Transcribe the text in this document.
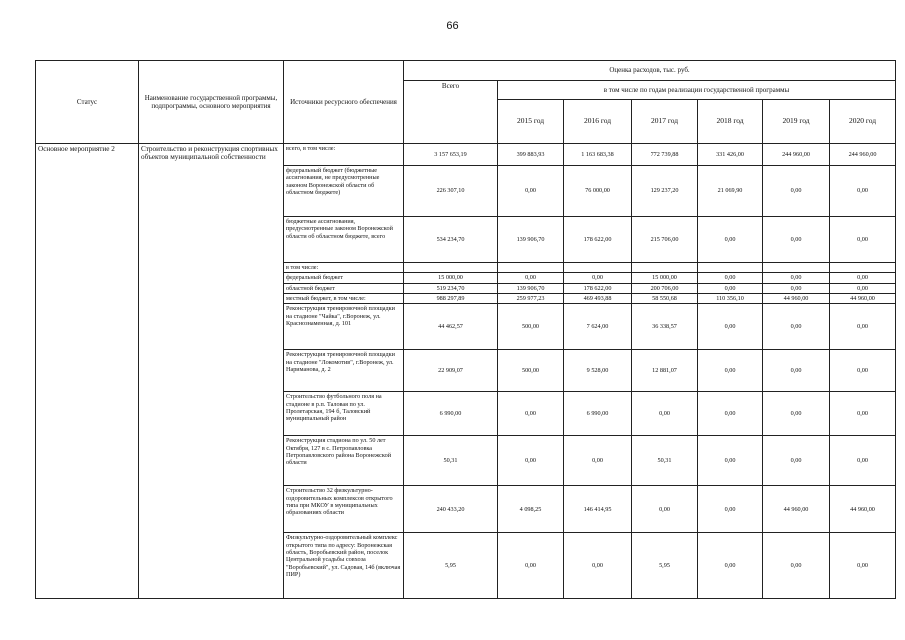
66
Статус	Наименование государственной программы, подпрограммы, основного мероприятия	Источники ресурсного обеспечения	Оценка расходов, тыс. руб.						
			Всего	в том числе по годам реализации государственной программы					
				2015 год	2016 год	2017 год	2018 год	2019 год	2020 год
Основное мероприятие 2	Строительство и реконструкция спортивных объектов муниципальной собственности	всего, в том числе:	3 157 653,19	399 883,93	1 163 683,38	772 739,88	331 426,00	244 960,00	244 960,00
		федеральный бюджет (бюджетные ассигнования, не предусмотренные законом Воронежской области об областном бюджете)	226 307,10	0,00	76 000,00	129 237,20	21 069,90	0,00	0,00
		бюджетные ассигнования, предусмотренные законом Воронежской области об областном бюджете, всего	534 234,70	139 906,70	178 622,00	215 706,00	0,00	0,00	0,00
		в том числе:							
		федеральный бюджет	15 000,00	0,00	0,00	15 000,00	0,00	0,00	0,00
		областной бюджет	519 234,70	139 906,70	178 622,00	200 706,00	0,00	0,00	0,00
		местный бюджет, в том числе:	988 297,89	259 977,23	469 493,88	58 550,68	110 356,10	44 960,00	44 960,00
		Реконструкция тренировочной площадки на стадионе "Чайка", г.Воронеж, ул. Краснознаменная, д. 101	44 462,57	500,00	7 624,00	36 338,57	0,00	0,00	0,00
		Реконструкция тренировочной площадки на стадионе "Локомотив", г.Воронеж, ул. Нариманова, д. 2	22 909,07	500,00	9 528,00	12 881,07	0,00	0,00	0,00
		Строительство футбольного поля на стадионе в р.п. Таловая по ул. Пролетарская, 194 б, Таловский муниципальный район	6 990,00	0,00	6 990,00	0,00	0,00	0,00	0,00
		Реконструкция стадиона по ул. 50 лет Октября, 127 в с. Петропавловка Петропавловского района Воронежской области	50,31	0,00	0,00	50,31	0,00	0,00	0,00
		Строительство 32 физкультурно-оздоровительных комплексов открытого типа при МКОУ в муниципальных образованиях области	240 433,20	4 098,25	146 414,95	0,00	0,00	44 960,00	44 960,00
		Физкультурно-оздоровительный комплекс открытого типа по адресу: Воронежская область, Воробьевский район, поселок Центральной усадьбы совхоза "Воробьевский", ул. Садовая, 14б (включая ПИР)	5,95	0,00	0,00	5,95	0,00	0,00	0,00
